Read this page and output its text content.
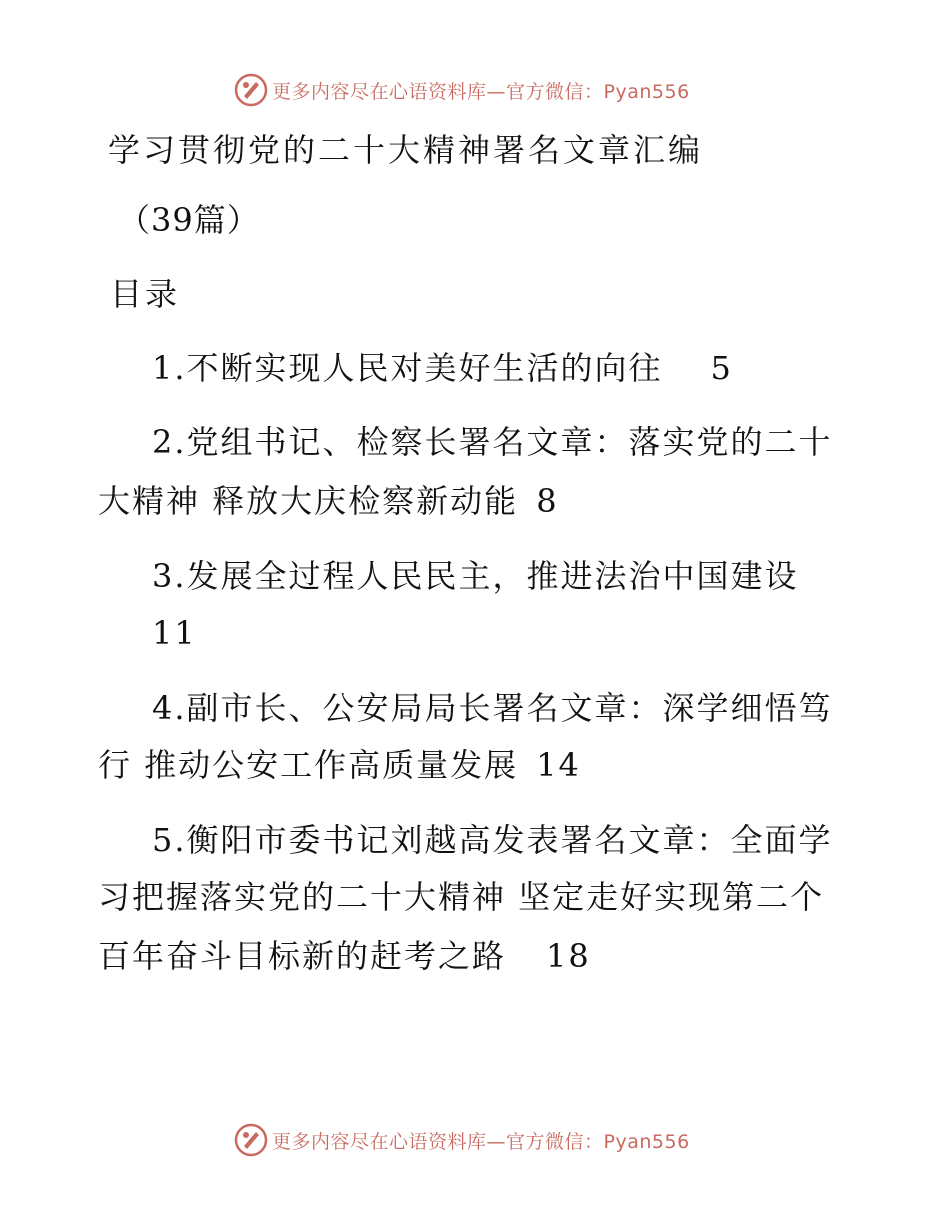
更多内容尽在心语资料库—官方微信：Pyan556
学习贯彻党的二十大精神署名文章汇编
（39篇）
目录
1.不断实现人民对美好生活的向往 5
2.党组书记、检察长署名文章：落实党的二十
大精神 释放大庆检察新动能 8
3.发展全过程人民民主，推进法治中国建设
11
4.副市长、公安局局长署名文章：深学细悟笃
行 推动公安工作高质量发展 14
5.衡阳市委书记刘越高发表署名文章：全面学
习把握落实党的二十大精神 坚定走好实现第二个
百年奋斗目标新的赶考之路 18
更多内容尽在心语资料库—官方微信：Pyan556
